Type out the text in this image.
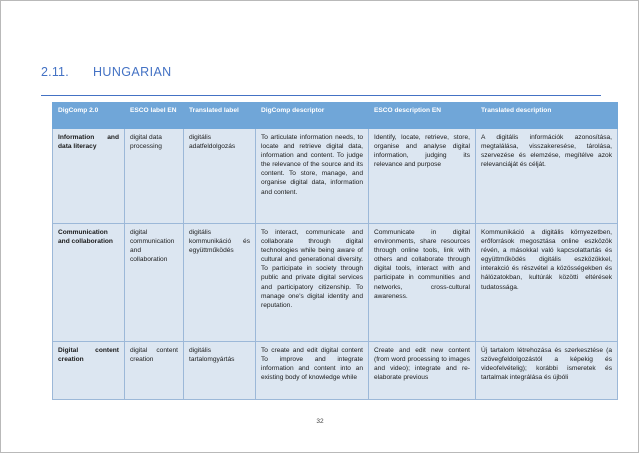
2.11.	HUNGARIAN
DigComp 2.0	ESCO label EN	Translated label	DigComp descriptor	ESCO description EN	Translated description
Information and data literacy	digital data processing	digitális adatfeldolgozás	To articulate information needs, to locate and retrieve digital data, information and content. To judge the relevance of the source and its content. To store, manage, and organise digital data, information and content.	Identify, locate, retrieve, store, organise and analyse digital information, judging its relevance and purpose	A digitális információk azonosítása, megtalálása, visszakeresése, tárolása, szervezése és elemzése, megítélve azok relevanciáját és célját.
Communication and collaboration	digital communication and collaboration	digitális kommunikáció és együttműködés	To interact, communicate and collaborate through digital technologies while being aware of cultural and generational diversity. To participate in society through public and private digital services and participatory citizenship. To manage one's digital identity and reputation.	Communicate in digital environments, share resources through online tools, link with others and collaborate through digital tools, interact with and participate in communities and networks, cross-cultural awareness.	Kommunikáció a digitális környezetben, erőforrások megosztása online eszközök révén, a másokkal való kapcsolattartás és együttműködés digitális eszközökkel, interakció és részvétel a közösségekben és hálózatokban, kultúrák közötti eltérések tudatossága.
Digital content creation	digital content creation	digitális tartalomgyártás	To create and edit digital content To improve and integrate information and content into an existing body of knowledge while	Create and edit new content (from word processing to images and video); integrate and re-elaborate previous	Új tartalom létrehozása és szerkesztése (a szövegfeldolgozástól a képekig és videofelvételig); korábbi ismeretek és tartalmak integrálása és újbóli
32
